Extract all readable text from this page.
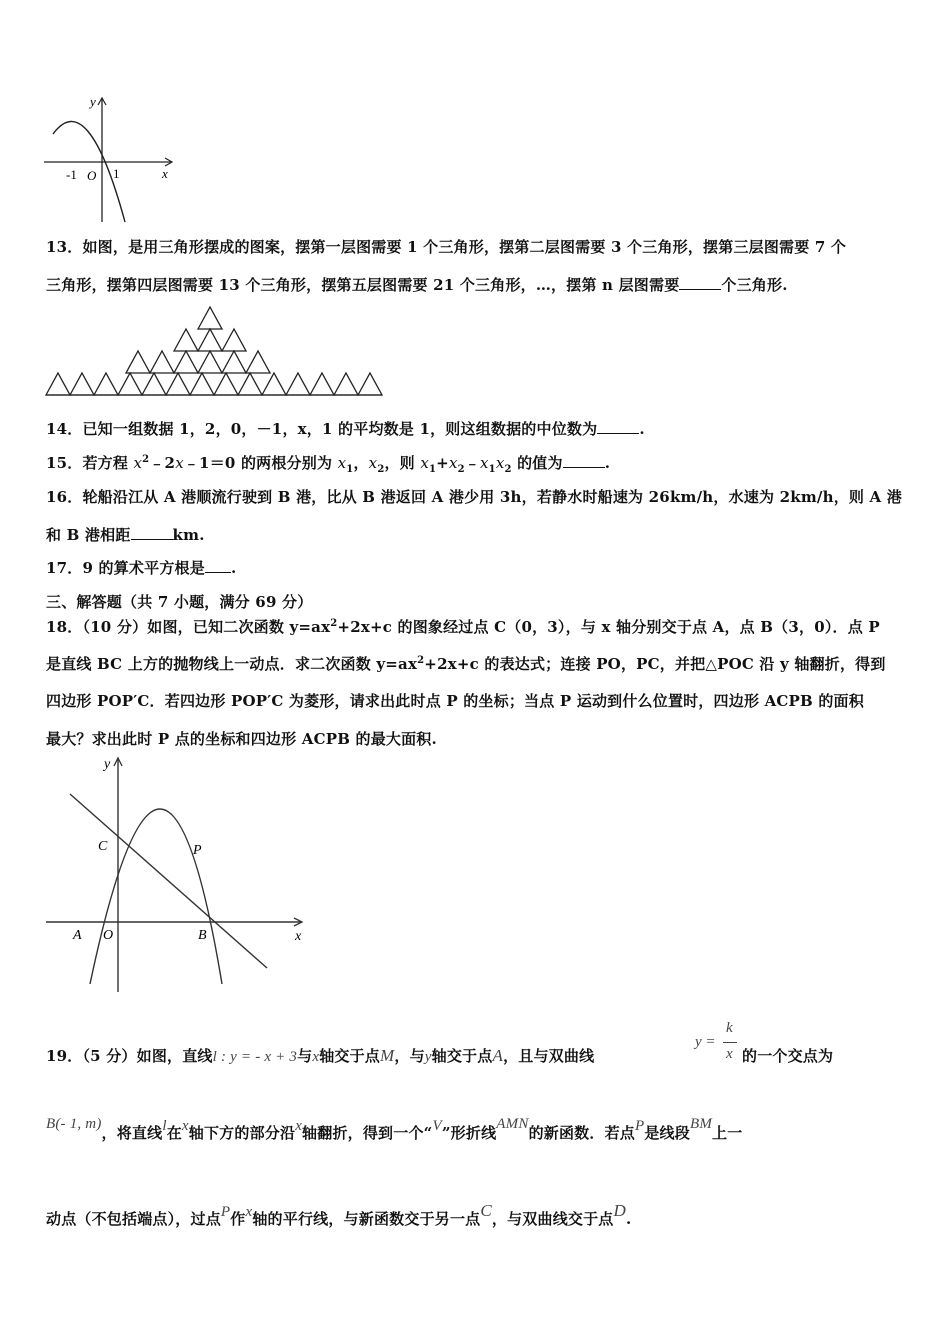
y
x
O
-1	1
13．如图，是用三角形摆成的图案，摆第一层图需要 1 个三角形，摆第二层图需要 3 个三角形，摆第三层图需要 7 个
三角形，摆第四层图需要 13 个三角形，摆第五层图需要 21 个三角形，…，摆第 n 层图需要	个三角形.
14．已知一组数据 1，2，0，－1，x，1 的平均数是 1，则这组数据的中位数为	.
15．若方程 $x^2﹣2x﹣1=0$ 的两根分别为 $x_1$，$x_2$，则 $x_1+x_2﹣x_1x_2$ 的值为	.
16．轮船沿江从 A 港顺流行驶到 B 港，比从 B 港返回 A 港少用 3h，若静水时船速为 26km/h，水速为 2km/h，则 A 港
和 B 港相距	km.
17．9 的算术平方根是 .
三、解答题（共 7 小题，满分 69 分）
18．（10 分）如图，已知二次函数 $y=ax^2+2x+c$ 的图象经过点 C（0，3），与 x 轴分别交于点 A，点 B（3，0）．点 P
是直线 BC 上方的抛物线上一动点．求二次函数 $y=ax^2+2x+c$ 的表达式；连接 PO，PC，并把△POC 沿 y 轴翻折，得到
四边形 POP′C．若四边形 POP′C 为菱形，请求出此时点 P 的坐标；当点 P 运动到什么位置时，四边形 ACPB 的面积
最大？求出此时 P 点的坐标和四边形 ACPB 的最大面积.
y
x
C	P
A O	B
19．（5 分）如图，直线l : y = - x + 3与x轴交于点M，与y轴交于点A，且与双曲线
y =
k
x 的一个交点为
B(- 1, m)，将直线l在x轴下方的部分沿x轴翻折，得到一个“V”形折线AMN的新函数．若点P是线段BM上一
动点（不包括端点），过点P作x轴的平行线，与新函数交于另一点C，与双曲线交于点D.
